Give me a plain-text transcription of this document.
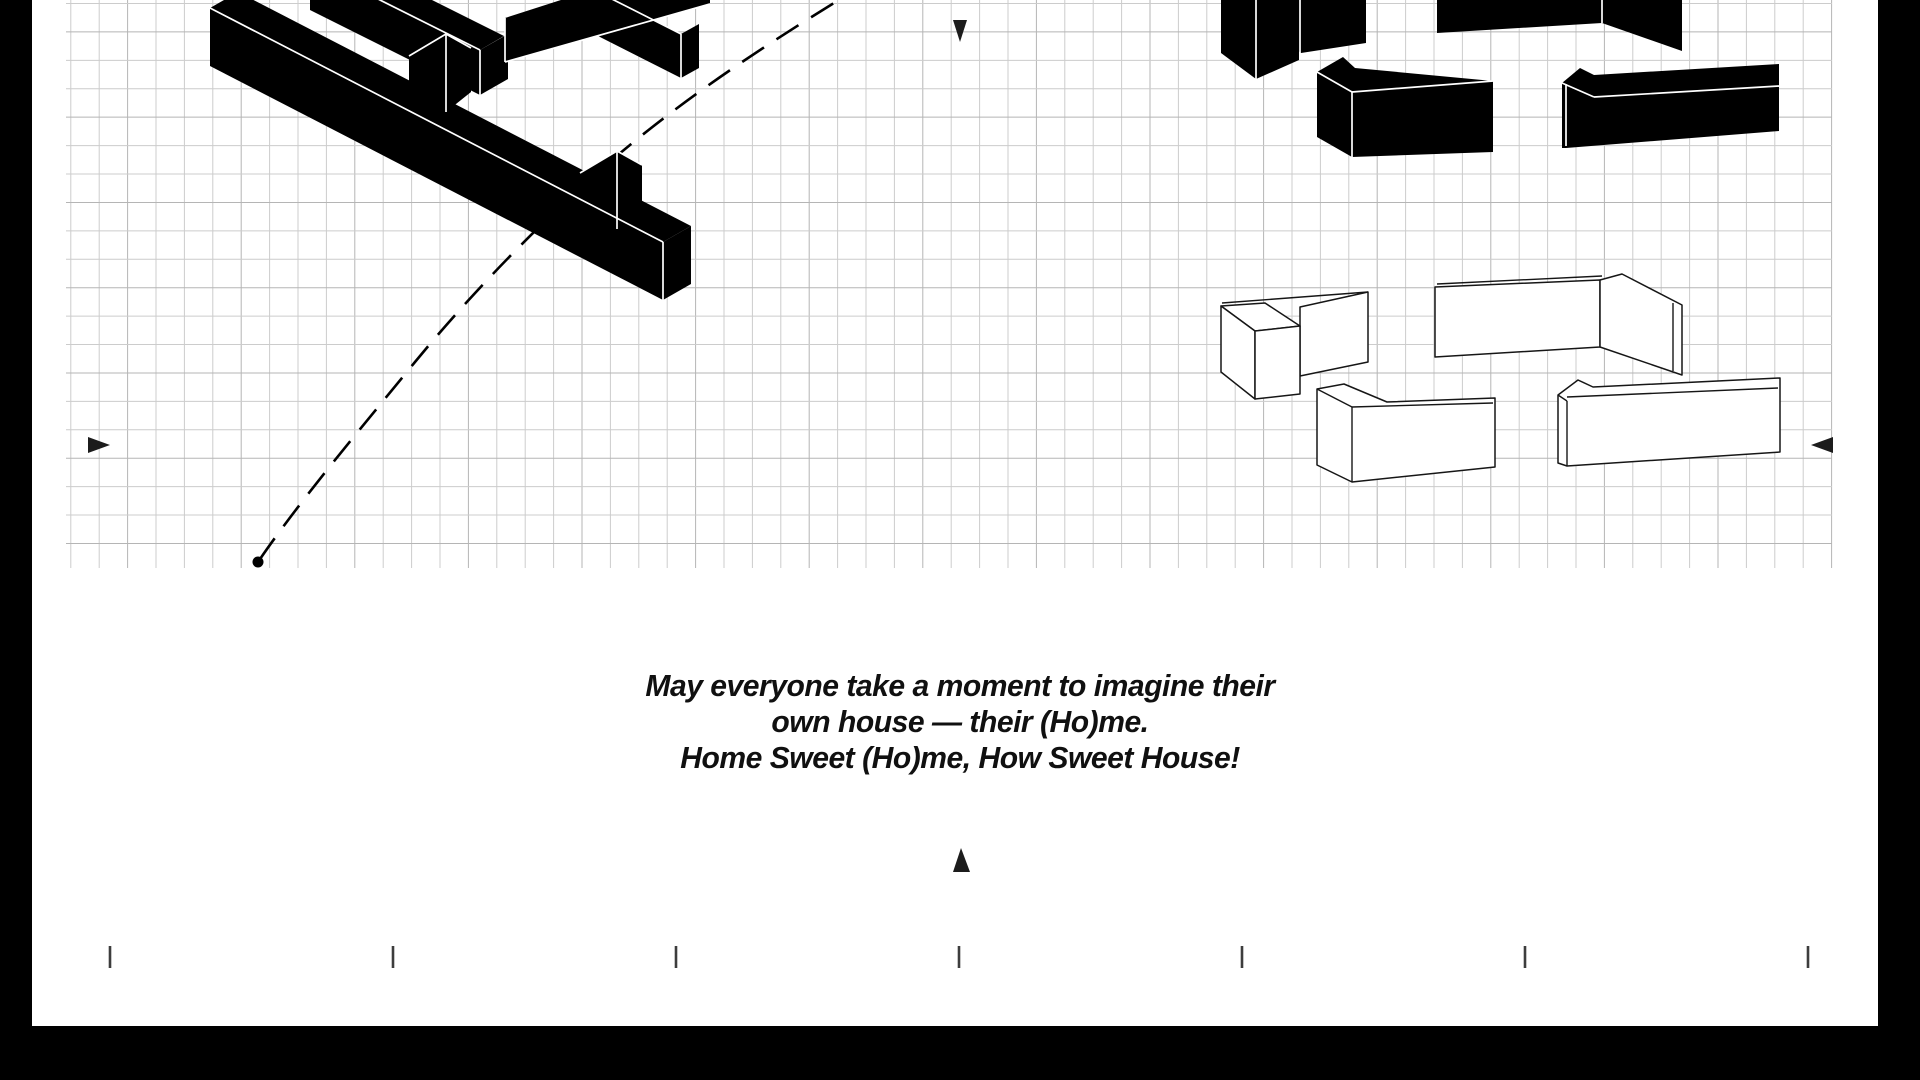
May everyone take a moment to imagine their
own house — their (Ho)me.
Home Sweet (Ho)me, How Sweet House!
